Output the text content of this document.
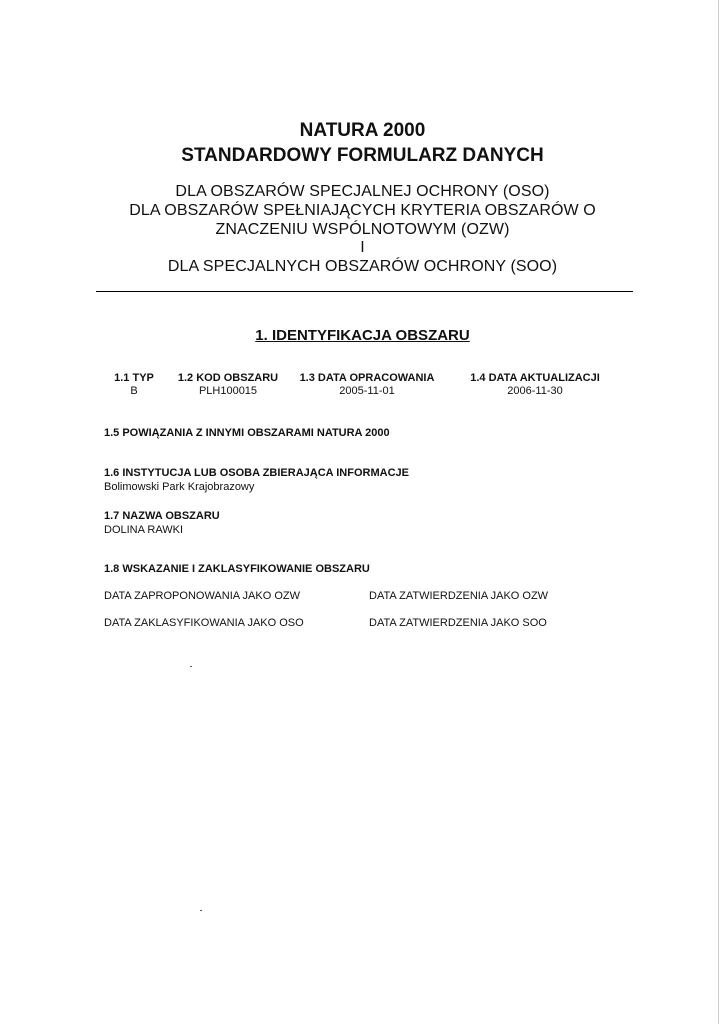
NATURA 2000
STANDARDOWY FORMULARZ DANYCH
DLA OBSZARÓW SPECJALNEJ OCHRONY (OSO)
DLA OBSZARÓW SPEŁNIAJĄCYCH KRYTERIA OBSZARÓW O
ZNACZENIU WSPÓLNOTOWYM (OZW)
I
DLA SPECJALNYCH OBSZARÓW OCHRONY (SOO)
1. IDENTYFIKACJA OBSZARU
1.1 TYP
B
1.2 KOD OBSZARU
PLH100015
1.3 DATA OPRACOWANIA
2005-11-01
1.4 DATA AKTUALIZACJI
2006-11-30
1.5 POWIĄZANIA Z INNYMI OBSZARAMI NATURA 2000
1.6 INSTYTUCJA LUB OSOBA ZBIERAJĄCA INFORMACJE
Bolimowski Park Krajobrazowy
1.7 NAZWA OBSZARU
DOLINA RAWKI
1.8 WSKAZANIE I ZAKLASYFIKOWANIE OBSZARU
DATA ZAPROPONOWANIA JAKO OZW	DATA ZATWIERDZENIA JAKO OZW
DATA ZAKLASYFIKOWANIA JAKO OSO	DATA ZATWIERDZENIA JAKO SOO
